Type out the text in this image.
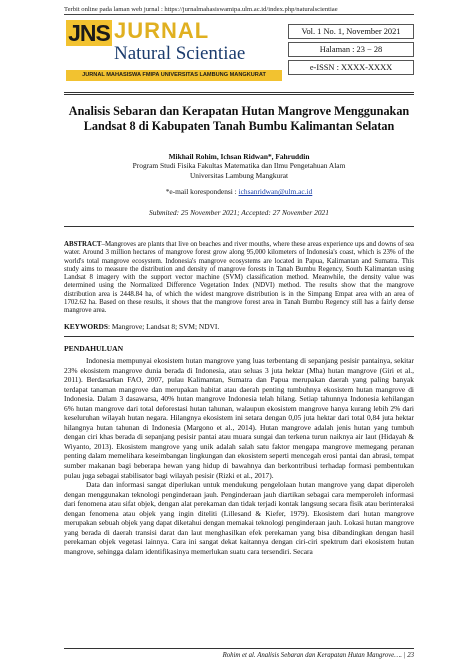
Terbit online pada laman web jurnal : https://jurnalmahasiswamipa.ulm.ac.id/index.php/naturalscientiae
JNS JURNAL
Natural Scientiae
JURNAL MAHASISWA FMIPA UNIVERSITAS LAMBUNG MANGKURAT
Vol. 1 No. 1, November 2021
Halaman : 23 − 28
e-ISSN : XXXX-XXXX
Analisis Sebaran dan Kerapatan Hutan Mangrove Menggunakan Landsat 8 di Kabupaten Tanah Bumbu Kalimantan Selatan
Mikhail Rohim, Ichsan Ridwan*, Fahruddin
Program Studi Fisika Fakultas Matematika dan Ilmu Pengetahuan Alam
Universitas Lambung Mangkurat
*e-mail korespondensi : ichsanridwan@ulm.ac.id
Submited: 25 November 2021; Accepted: 27 November 2021
ABSTRACT–Mangroves are plants that live on beaches and river mouths, where these areas experience ups and downs of sea water. Around 3 million hectares of mangrove forest grow along 95,000 kilometers of Indonesia's coast, which is 23% of the world's total mangrove ecosystem. Indonesia's mangrove ecosystems are located in Papua, Kalimantan and Sumatra. This study aims to measure the distribution and density of mangrove forests in Tanah Bumbu Regency, South Kalimantan using Landsat 8 imagery with the support vector machine (SVM) classification method. Meanwhile, the density value was determined using the Normalized Difference Vegetation Index (NDVI) method. The results show that the mangrove distribution area is 2448.84 ha, of which the widest mangrove distribution is in the Simpang Empat area with an area of 1702.62 ha. Based on these results, it shows that the mangrove forest area in Tanah Bumbu Regency still has a fairly dense mangrove area.
KEYWORDS: Mangrove; Landsat 8; SVM; NDVI.
PENDAHULUAN

Indonesia mempunyai ekosistem hutan mangrove yang luas terbentang di sepanjang pesisir pantainya, sekitar 23% ekosistem mangrove dunia berada di Indonesia, atau seluas 3 juta hektar (Mha) hutan mangrove (Giri et al., 2011). Berdasarkan FAO, 2007, pulau Kalimantan, Sumatra dan Papua merupakan daerah yang paling banyak terdapat tanaman mangrove dan merupakan habitat atau daerah penting tumbuhnya ekosistem hutan mangrove di Indonesia. Dalam 3 dasawarsa, 40% hutan mangrove Indonesia telah hilang. Setiap tahunnya Indonesia kehilangan 6% hutan mangrove dari total deforestasi hutan tahunan, walaupun ekosistem mangrove hanya kurang lebih 2% dari keseluruhan wilayah hutan negara. Hilangnya ekosistem ini setara dengan 0,05 juta hektar dari total 0,84 juta hektar hilangnya hutan tahunan di Indonesia (Margono et al., 2014). Hutan mangrove adalah jenis hutan yang tumbuh dengan ciri khas berada di sepanjang pesisir pantai atau muara sungai dan terkena turun naiknya air laut (Hidayah & Wiyanto, 2013). Ekosistem mangrove yang unik adalah salah satu faktor mengapa mangrove memegang peranan penting dalam memelihara keseimbangan lingkungan dan ekosistem seperti mencegah erosi pantai dan abrasi, tempat sumber makanan bagi beberapa hewan yang hidup di bawahnya dan berkontribusi terhadap formasi pembentukan pulau juga sebagai stabilisator bagi wilayah pesisir (Rizki et al., 2017).

Data dan informasi sangat diperlukan untuk mendukung pengelolaan hutan mangrove yang dapat diperoleh dengan menggunakan teknologi penginderaan jauh. Penginderaan jauh diartikan sebagai cara memperoleh informasi dari fenomena atau sifat objek, dengan alat perekaman dan tidak terjadi kontak langsung secara fisik atau berinteraksi dengan fenomena atau objek yang ingin diteliti (Lillesand & Kiefer, 1979). Ekosistem dari hutan mangrove merupakan sebuah objek yang dapat diketahui dengan memakai teknologi penginderaan jauh. Lokasi hutan mangrove yang berada di daerah transisi darat dan laut menghasilkan efek perekaman yang bisa dibandingkan dengan hasil perekaman objek vegetasi lainnya. Cara ini sangat dekat kaitannya dengan ciri-ciri spektrum dari ekosistem hutan mangrove, sehingga dalam identifikasinya memerlukan suatu cara tersendiri. Secara

Rohim et al. Analisis Sebaran dan Kerapatan Hutan Mangrove…. | 23
